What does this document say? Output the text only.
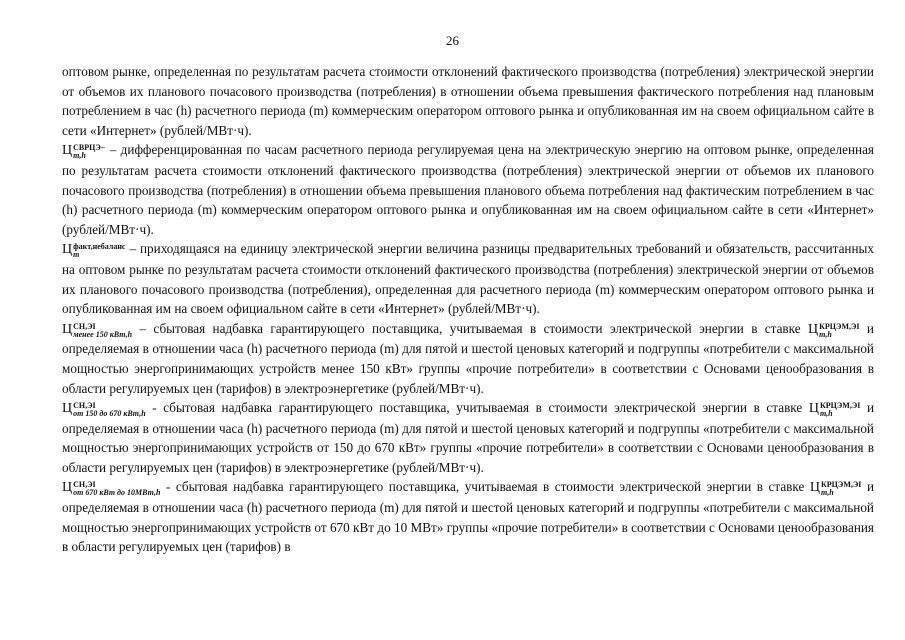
26

оптовом рынке, определенная по результатам расчета стоимости отклонений фактического производства (потребления) электрической энергии от объемов их планового почасового производства (потребления) в отношении объема превышения фактического потребления над плановым потреблением в час (h) расчетного периода (m) коммерческим оператором оптового рынка и опубликованная им на своем официальном сайте в сети «Интернет» (рублей/МВт·ч).

Ц СВРЦЭ−
m,h	– дифференцированная по часам расчетного периода регулируемая цена на электрическую энергию на оптовом рынке, определенная по результатам расчета стоимости отклонений фактического производства (потребления) электрической энергии от объемов их планового почасового производства (потребления) в отношении объема превышения планового объема потребления над фактическим потреблением в час (h) расчетного периода (m) коммерческим оператором оптового рынка и опубликованная им на своем официальном сайте в сети «Интернет» (рублей/МВт·ч).

Ц факт,небаланс
m	– приходящаяся на единицу электрической энергии величина разницы предварительных требований и обязательств, рассчитанных на оптовом рынке по результатам расчета стоимости отклонений фактического производства (потребления) электрической энергии от объемов их планового почасового производства (потребления), определенная для расчетного периода (m) коммерческим оператором оптового рынка и опубликованная им на своем официальном сайте в сети «Интернет» (рублей/МВт·ч).

Ц СН,ЭI
менее 150 кВт,h – сбытовая надбавка гарантирующего поставщика, учитываемая в стоимости электрической энергии в ставке Ц КРЦЭМ,ЭI
m,h	и определяемая в отношении часа (h) расчетного периода (m) для пятой и шестой ценовых категорий и подгруппы «потребители с максимальной мощностью энергопринимающих устройств менее 150 кВт» группы «прочие потребители» в соответствии с Основами ценообразования в области регулируемых цен (тарифов) в электроэнергетике (рублей/МВт·ч).

Ц СН,ЭI
от 150 до 670 кВт,h - сбытовая надбавка гарантирующего поставщика, учитываемая в стоимости электрической энергии в ставке Ц КРЦЭМ,ЭI
m,h	и определяемая в отношении часа (h) расчетного периода (m) для пятой и шестой ценовых категорий и подгруппы «потребители с максимальной мощностью энергопринимающих устройств от 150 до 670 кВт» группы «прочие потребители» в соответствии с Основами ценообразования в области регулируемых цен (тарифов) в электроэнергетике (рублей/МВт·ч).

Ц СН,ЭI
от 670 кВт до 10МВт,h - сбытовая надбавка гарантирующего поставщика, учитываемая в стоимости электрической энергии в ставке Ц КРЦЭМ,ЭI
m,h	и определяемая в отношении часа (h) расчетного периода (m) для пятой и шестой ценовых категорий и подгруппы «потребители с максимальной мощностью энергопринимающих устройств от 670 кВт до 10 МВт» группы «прочие потребители» в соответствии с Основами ценообразования в области регулируемых цен (тарифов) в
